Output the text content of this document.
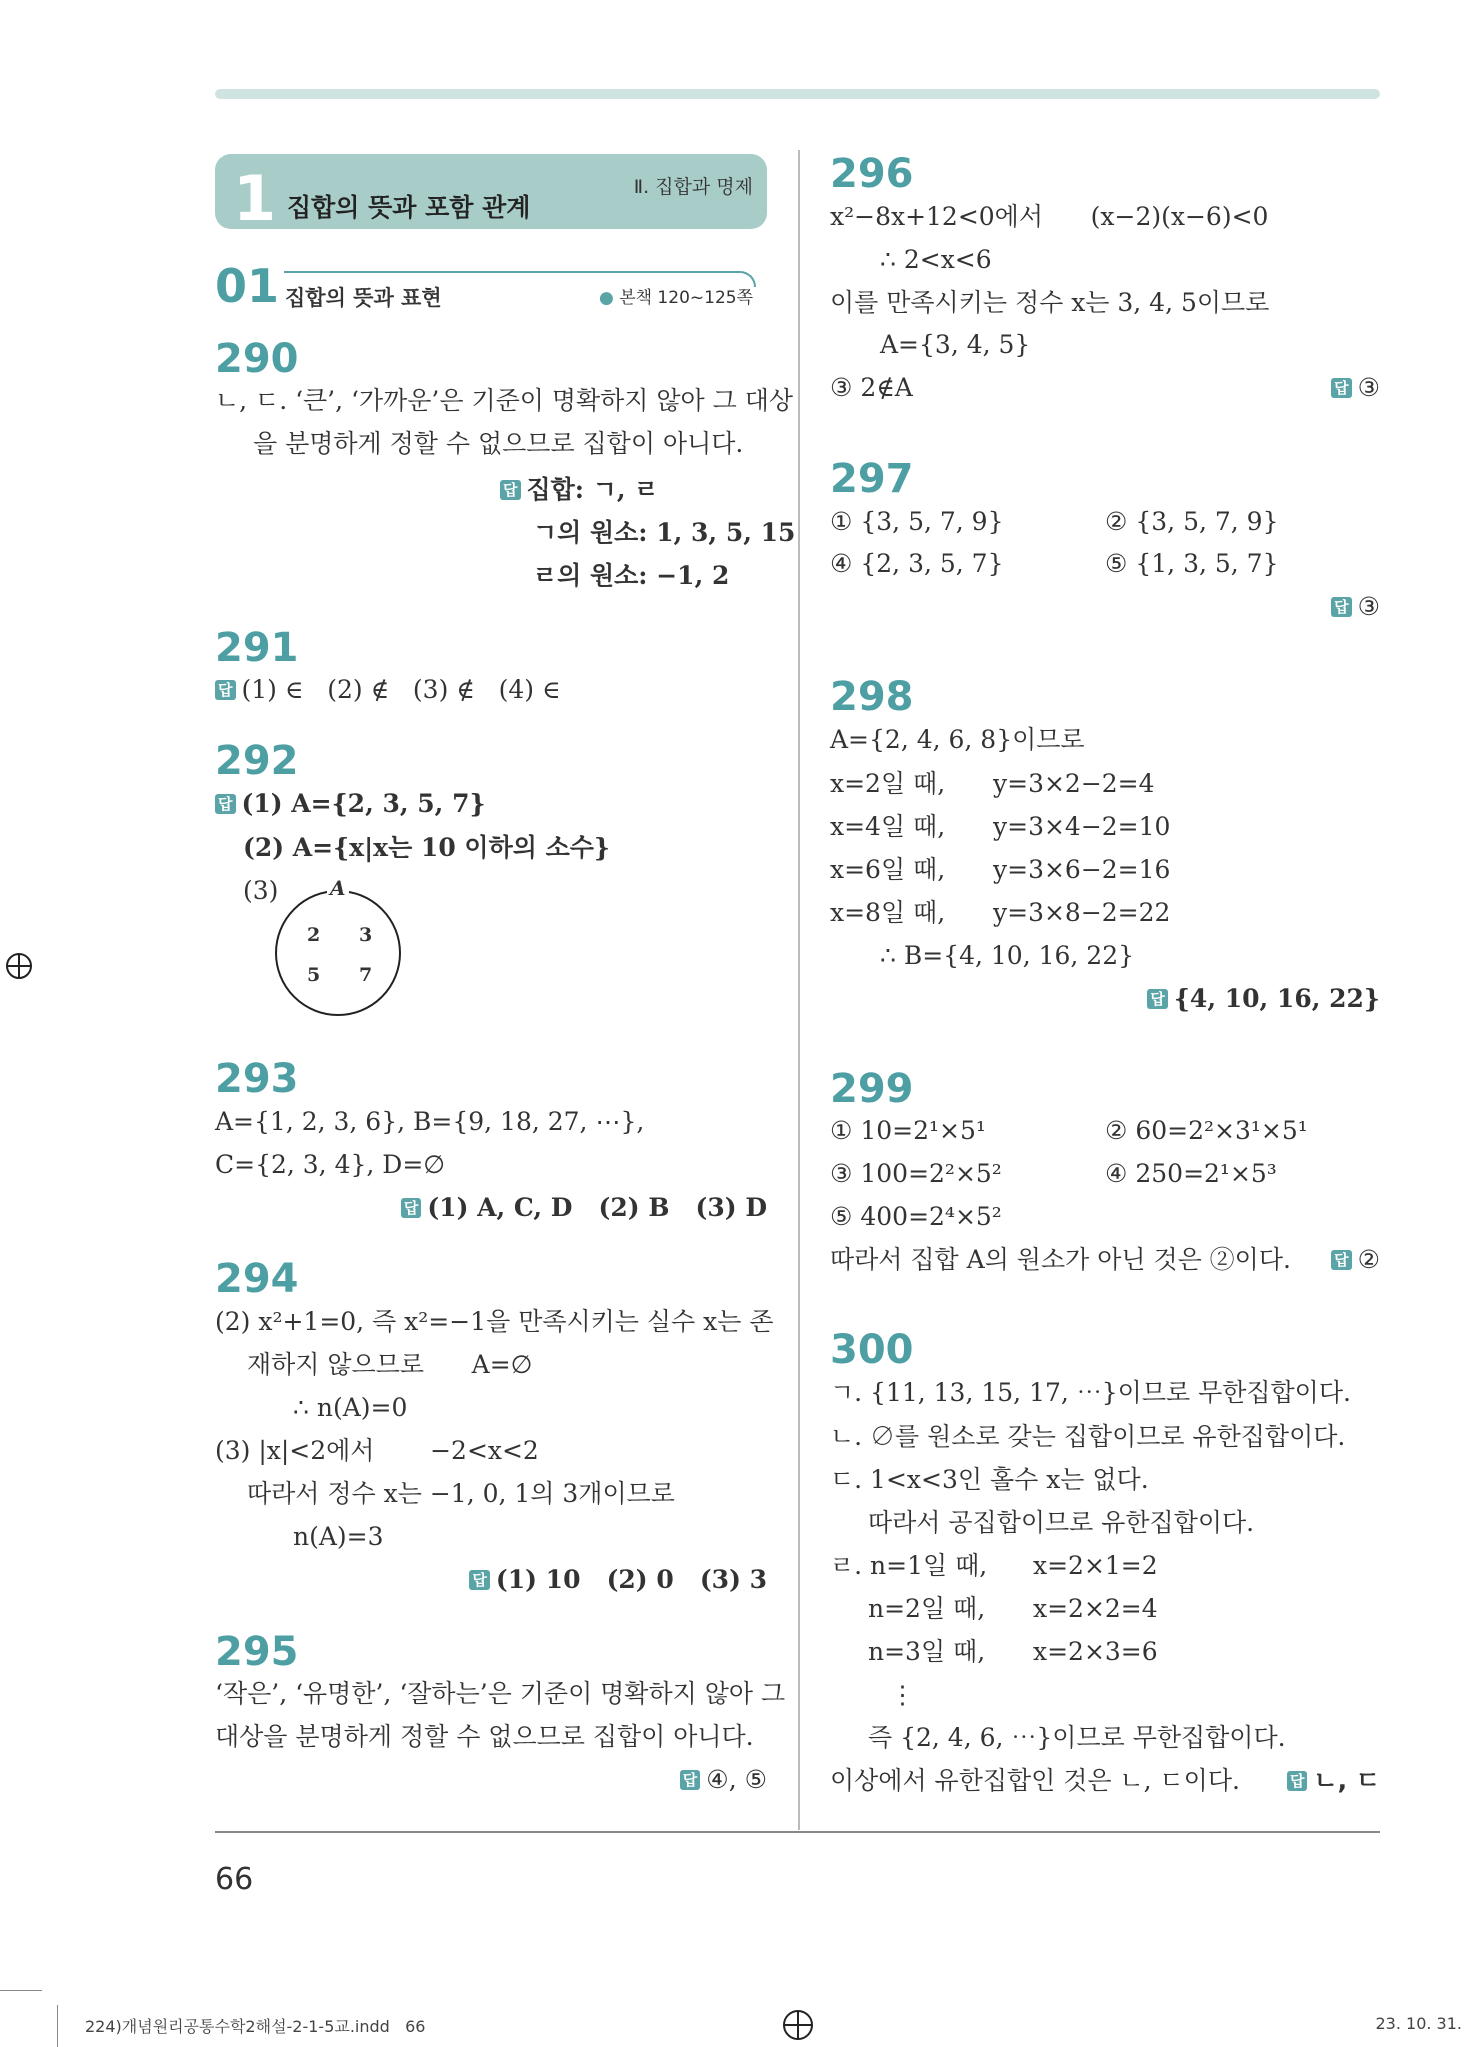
1 집합의 뜻과 포함 관계
Ⅱ. 집합과 명제
01 집합의 뜻과 표현	● 본책 120~125쪽
290
ㄴ, ㄷ. ‘큰’, ‘가까운’은 기준이 명확하지 않아 그 대상
을 분명하게 정할 수 없으므로 집합이 아니다.
답 집합: ㄱ, ㄹ
ㄱ의 원소: 1, 3, 5, 15
ㄹ의 원소: −1, 2
291
답 (1) ∈   (2) ∉   (3) ∉   (4) ∈
292
답 (1) A={2, 3, 5, 7}
(2) A={x|x는 10 이하의 소수}
(3)	A
2 3
5 7
293
A={1, 2, 3, 6}, B={9, 18, 27, ⋯},
C={2, 3, 4}, D=∅
답 (1) A, C, D   (2) B   (3) D
294
(2) x²+1=0, 즉 x²=−1을 만족시키는 실수 x는 존
재하지 않으므로      A=∅
∴ n(A)=0
(3) |x|<2에서       −2<x<2
따라서 정수 x는 −1, 0, 1의 3개이므로
n(A)=3
답 (1) 10   (2) 0   (3) 3
295
‘작은’, ‘유명한’, ‘잘하는’은 기준이 명확하지 않아 그
대상을 분명하게 정할 수 없으므로 집합이 아니다.
답 ④, ⑤
296
x²−8x+12<0에서      (x−2)(x−6)<0
∴ 2<x<6
이를 만족시키는 정수 x는 3, 4, 5이므로
A={3, 4, 5}
③ 2∉A	답 ③
297
① {3, 5, 7, 9}	② {3, 5, 7, 9}
④ {2, 3, 5, 7}	⑤ {1, 3, 5, 7}
답 ③
298
A={2, 4, 6, 8}이므로
x=2일 때, y=3×2−2=4
x=4일 때, y=3×4−2=10
x=6일 때, y=3×6−2=16
x=8일 때, y=3×8−2=22
∴ B={4, 10, 16, 22}
답 {4, 10, 16, 22}
299
① 10=2¹×5¹	② 60=2²×3¹×5¹
③ 100=2²×5²	④ 250=2¹×5³
⑤ 400=2⁴×5²
따라서 집합 A의 원소가 아닌 것은 ②이다.	답 ②
300
ㄱ. {11, 13, 15, 17, ⋯}이므로 무한집합이다.
ㄴ. ∅를 원소로 갖는 집합이므로 유한집합이다.
ㄷ. 1<x<3인 홀수 x는 없다.
따라서 공집합이므로 유한집합이다.
ㄹ. n=1일 때, x=2×1=2
n=2일 때, x=2×2=4
n=3일 때, x=2×3=6
⋮
즉 {2, 4, 6, ⋯}이므로 무한집합이다.
이상에서 유한집합인 것은 ㄴ, ㄷ이다.	답 ㄴ, ㄷ
66
224)개념원리공통수학2해설-2-1-5교.indd   66	23. 10. 31.
